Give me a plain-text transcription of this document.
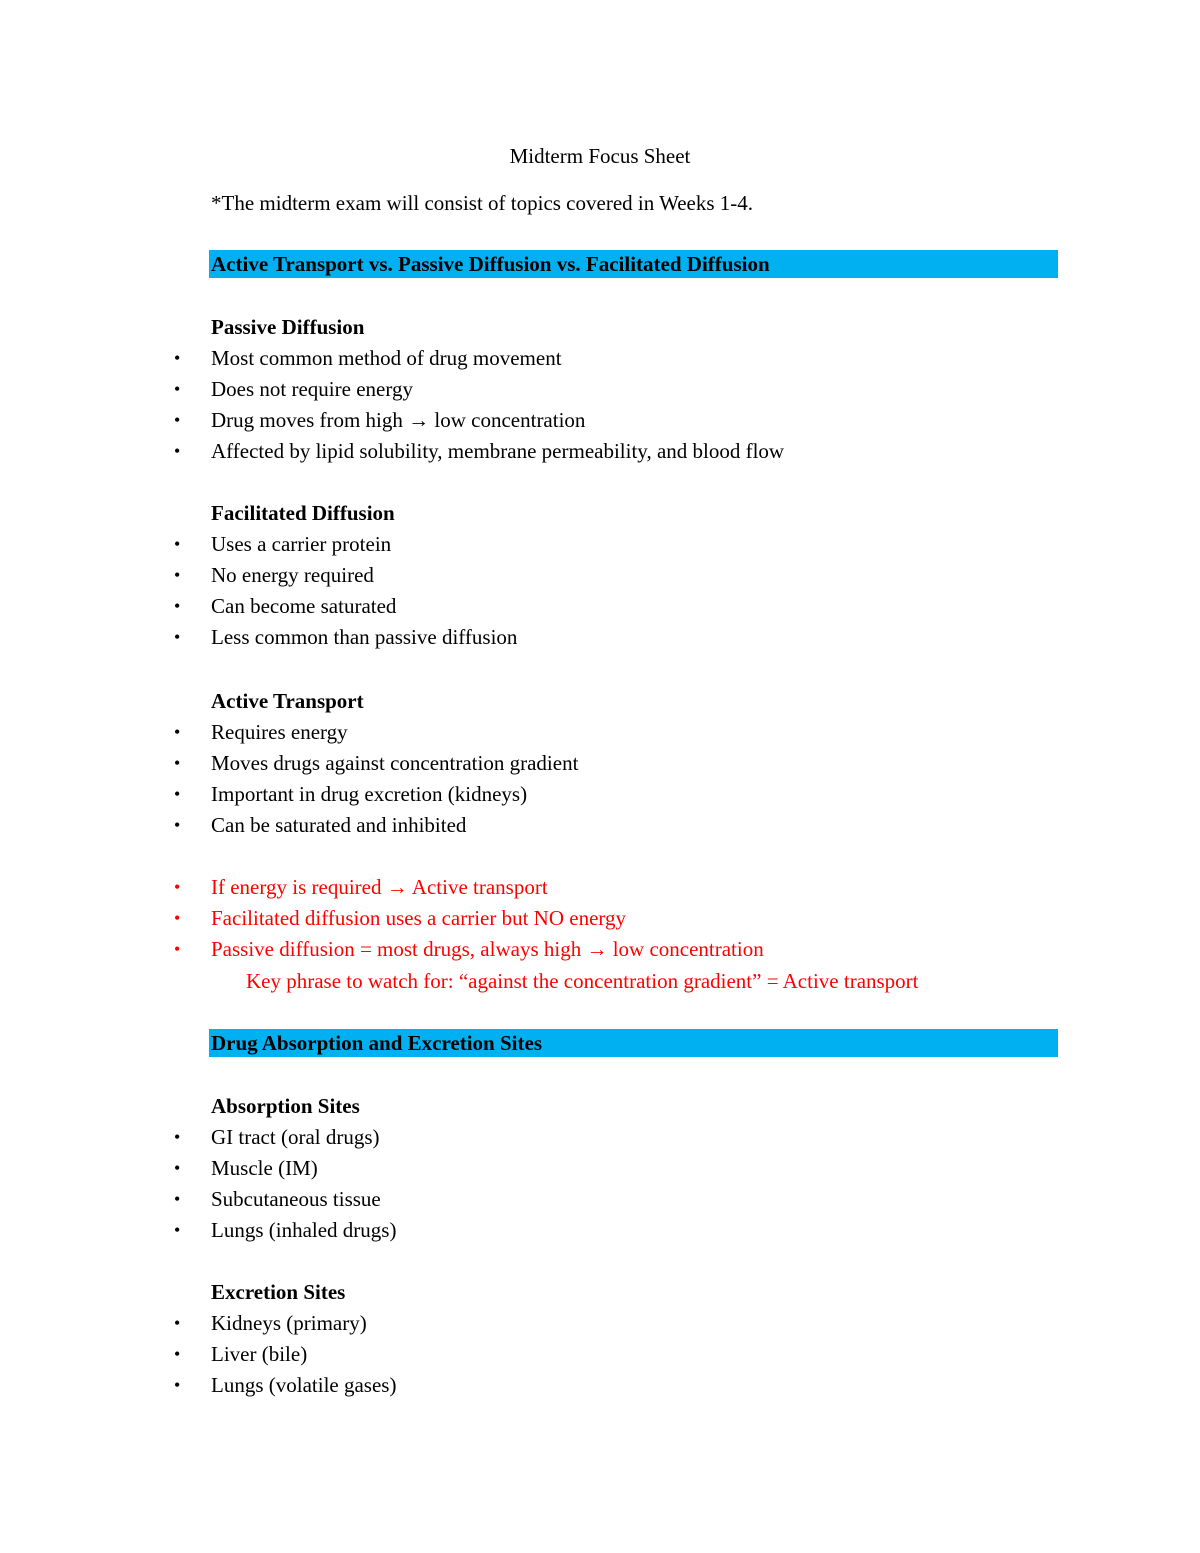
Midterm Focus Sheet
*The midterm exam will consist of topics covered in Weeks 1-4.
Active Transport vs. Passive Diffusion vs. Facilitated Diffusion
Passive Diffusion
• Most common method of drug movement
• Does not require energy
• Drug moves from high → low concentration
• Affected by lipid solubility, membrane permeability, and blood flow
Facilitated Diffusion
• Uses a carrier protein
• No energy required
• Can become saturated
• Less common than passive diffusion
Active Transport
• Requires energy
• Moves drugs against concentration gradient
• Important in drug excretion (kidneys)
• Can be saturated and inhibited
• If energy is required → Active transport
• Facilitated diffusion uses a carrier but NO energy
• Passive diffusion = most drugs, always high → low concentration
Key phrase to watch for: “against the concentration gradient” = Active transport
Drug Absorption and Excretion Sites
Absorption Sites
• GI tract (oral drugs)
• Muscle (IM)
• Subcutaneous tissue
• Lungs (inhaled drugs)
Excretion Sites
• Kidneys (primary)
• Liver (bile)
• Lungs (volatile gases)
